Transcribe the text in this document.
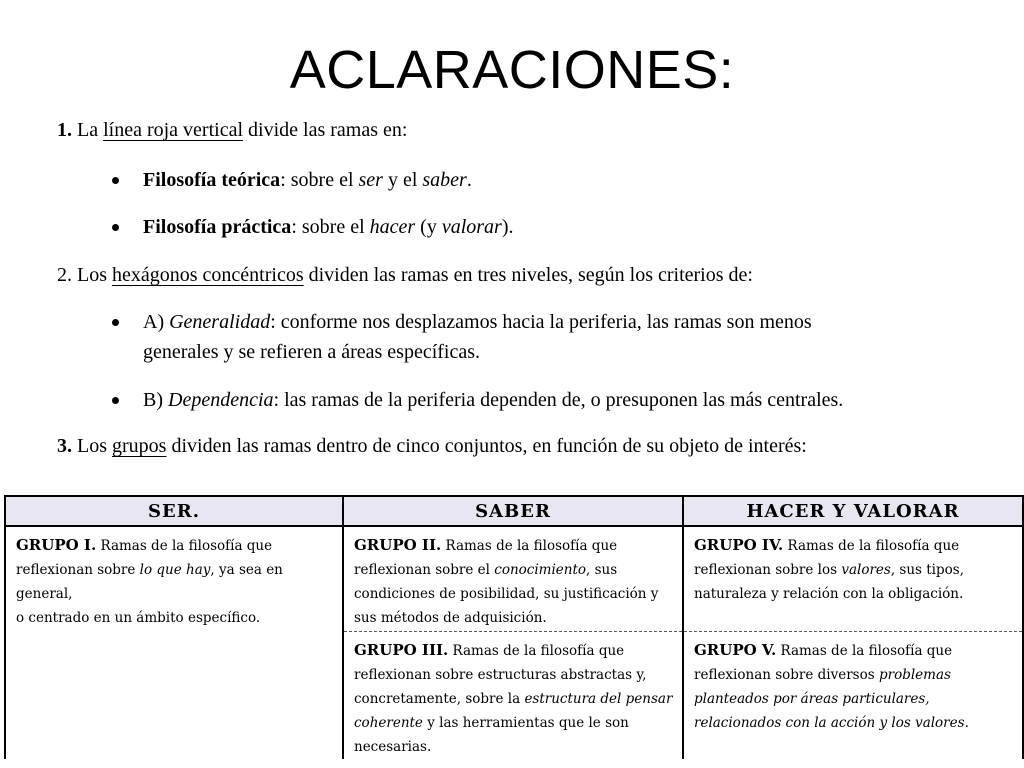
ACLARACIONES:
1. La línea roja vertical divide las ramas en:
Filosofía teórica: sobre el ser y el saber.
Filosofía práctica: sobre el hacer (y valorar).
2. Los hexágonos concéntricos dividen las ramas en tres niveles, según los criterios de:
A) Generalidad: conforme nos desplazamos hacia la periferia, las ramas son menos
generales y se refieren a áreas específicas.
B) Dependencia: las ramas de la periferia dependen de, o presuponen las más centrales.
3. Los grupos dividen las ramas dentro de cinco conjuntos, en función de su objeto de interés:
SER.	SABER	HACER Y VALORAR
GRUPO I. Ramas de la filosofía que
reflexionan sobre lo que hay, ya sea en general,
o centrado en un ámbito específico.	GRUPO II. Ramas de la filosofía que
reflexionan sobre el conocimiento, sus
condiciones de posibilidad, su justificación y
sus métodos de adquisición.	GRUPO IV. Ramas de la filosofía que
reflexionan sobre los valores, sus tipos,
naturaleza y relación con la obligación.
	GRUPO III. Ramas de la filosofía que
reflexionan sobre estructuras abstractas y,
concretamente, sobre la estructura del pensar
coherente y las herramientas que le son
necesarias.	GRUPO V. Ramas de la filosofía que
reflexionan sobre diversos problemas
planteados por áreas particulares,
relacionados con la acción y los valores.
